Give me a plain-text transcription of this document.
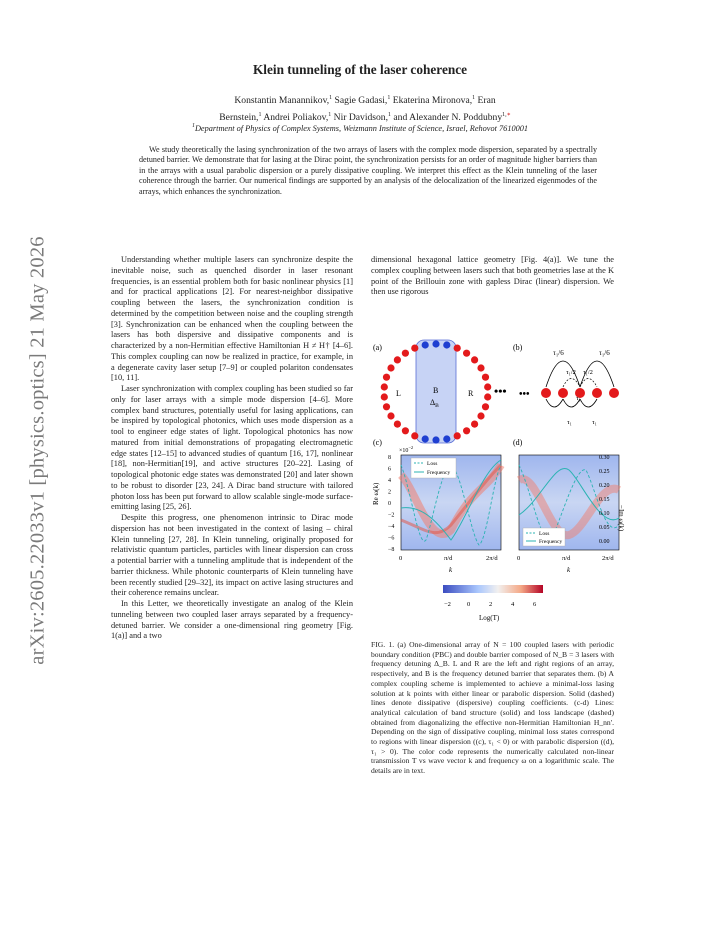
arXiv:2605.22033v1 [physics.optics] 21 May 2026
Klein tunneling of the laser coherence
Konstantin Manannikov,$^1$ Sagie Gadasi,$^1$ Ekaterina Mironova,$^1$ Eran
Bernstein,$^1$ Andrei Poliakov,$^1$ Nir Davidson,$^1$ and Alexander N. Poddubny$^{1,∗}$
$^1$Department of Physics of Complex Systems, Weizmann Institute of Science, Israel, Rehovot 7610001
We study theoretically the lasing synchronization of the two arrays of lasers with the complex mode dispersion, separated by a spectrally detuned barrier. We demonstrate that for lasing at the Dirac point, the synchronization persists for an order of magnitude higher barriers than in the arrays with a usual parabolic dispersion or a purely dissipative coupling. We interpret this effect as the Klein tunneling of the laser coherence through the barrier. Our numerical findings are supported by an analysis of the delocalization of the linearized eigenmodes of the arrays, which enhances the synchronization.

Understanding whether multiple lasers can synchronize despite the inevitable noise, such as quenched disorder in laser resonant frequencies, is an essential problem both for basic nonlinear physics [1] and for practical applications [2]. For nearest-neighbor dissipative coupling between the lasers, the synchronization condition is determined by the competition between noise and the coupling strength [3]. Synchronization can be enhanced when the coupling between the lasers has both dispersive and dissipative components and is characterized by a non-Hermitian effective Hamiltonian H ≠ H† [4–6]. This complex coupling can now be realized in practice, for example, in a degenerate cavity laser setup [7–9] or coupled polariton condensates [10, 11].

Laser synchronization with complex coupling has been studied so far only for laser arrays with a simple mode dispersion [4–6]. More complex band structures, potentially useful for lasing applications, can be inspired by topological photonics, which uses mode dispersion as a tool to engineer edge states of light. Topological photonics has now matured from initial demonstrations of propagating electromagnetic edge states [12–15] to advanced studies of quantum [16, 17], nonlinear [18], non-Hermitian[19], and active structures [20–22]. Lasing of topological photonic edge states was demonstrated [20] and later shown to be robust to disorder [23, 24]. A Dirac band structure with tailored photon loss has been put forward to allow scalable single-mode surface-emitting lasing [25, 26].

Despite this progress, one phenomenon intrinsic to Dirac mode dispersion has not been investigated in the context of lasing – chiral Klein tunneling [27, 28]. In Klein tunneling, originally proposed for relativistic quantum particles, particles with linear dispersion can cross a potential barrier with a tunneling amplitude that is independent of the barrier thickness. While photonic counterparts of Klein tunneling have been recently studied [29–32], its impact on active lasing structures and their coherence remains unclear.

In this Letter, we theoretically investigate an analog of the Klein tunneling between two coupled laser arrays separated by a frequency-detuned barrier. We consider a one-dimensional ring geometry [Fig. 1(a)] and a two

dimensional hexagonal lattice geometry [Fig. 4(a)]. We tune the complex coupling between lasers such that both geometries lase at the K point of the Brillouin zone with gapless Dirac (linear) dispersion. We then use rigorous

(a)
L	B
$\Delta_B$
R •••
(b)
•••
τ₁/6	τ₁/6
τ₁/2 τ₁/2
τ₁
τ₁	τ₁
(c)
$\times 10^{-2}$
Re ω(k)
8
6
4
2
0
−2
−4
−6
−8
Loss
Frequency
0	π/d	2π/d
k
(d)
Loss
Frequency
0.30
0.25
0.20
0.15
0.10
0.05
0.00
−Im ω(k)
0	π/d	2π/d
k
−2 0	2	4	6
Log(T)
FIG. 1. (a) One-dimensional array of N = 100 coupled lasers with periodic boundary condition (PBC) and double barrier composed of N_B = 3 lasers with frequency detuning Δ_B. L and R are the left and right regions of an array, respectively, and B is the frequency detuned barrier that separates them. (b) A complex coupling scheme is implemented to achieve a minimal-loss lasing solution at k points with either linear or parabolic dispersion. Solid (dashed) lines denote dissipative (dispersive) coupling coefficients. (c-d) Lines: analytical calculation of band structure (solid) and loss landscape (dashed) obtained from diagonalizing the effective non-Hermitian Hamiltonian H_nn'. Depending on the sign of dissipative coupling, minimal loss states correspond to regions with linear dispersion ((c), τ₁ < 0) or with parabolic dispersion ((d), τ₁ > 0). The color code represents the numerically calculated non-linear transmission T vs wave vector k and frequency ω on a logarithmic scale. The details are in text.
